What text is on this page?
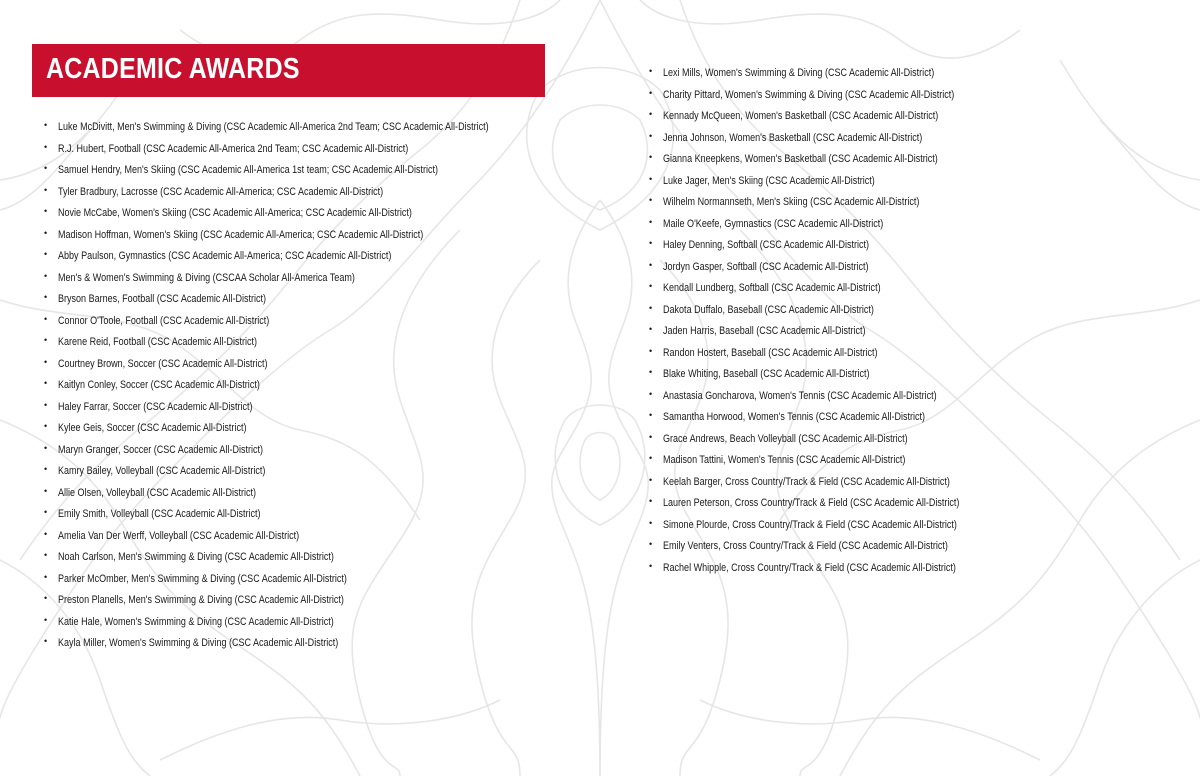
ACADEMIC AWARDS
• Luke McDivitt, Men's Swimming & Diving (CSC Academic All-America 2nd Team; CSC Academic All-District)
• R.J. Hubert, Football (CSC Academic All-America 2nd Team; CSC Academic All-District)
• Samuel Hendry, Men's Skiing (CSC Academic All-America 1st team; CSC Academic All-District)
• Tyler Bradbury, Lacrosse (CSC Academic All-America; CSC Academic All-District)
• Novie McCabe, Women's Skiing (CSC Academic All-America; CSC Academic All-District)
• Madison Hoffman, Women's Skiing (CSC Academic All-America; CSC Academic All-District)
• Abby Paulson, Gymnastics (CSC Academic All-America; CSC Academic All-District)
• Men's & Women's Swimming & Diving (CSCAA Scholar All-America Team)
• Bryson Barnes, Football (CSC Academic All-District)
• Connor O'Toole, Football (CSC Academic All-District)
• Karene Reid, Football (CSC Academic All-District)
• Courtney Brown, Soccer (CSC Academic All-District)
• Kaitlyn Conley, Soccer (CSC Academic All-District)
• Haley Farrar, Soccer (CSC Academic All-District)
• Kylee Geis, Soccer (CSC Academic All-District)
• Maryn Granger, Soccer (CSC Academic All-District)
• Kamry Bailey, Volleyball (CSC Academic All-District)
• Allie Olsen, Volleyball (CSC Academic All-District)
• Emily Smith, Volleyball (CSC Academic All-District)
• Amelia Van Der Werff, Volleyball (CSC Academic All-District)
• Noah Carlson, Men's Swimming & Diving (CSC Academic All-District)
• Parker McOmber, Men's Swimming & Diving (CSC Academic All-District)
• Preston Planells, Men's Swimming & Diving (CSC Academic All-District)
• Katie Hale, Women's Swimming & Diving (CSC Academic All-District)
• Kayla Miller, Women's Swimming & Diving (CSC Academic All-District)
• Lexi Mills, Women's Swimming & Diving (CSC Academic All-District)
• Charity Pittard, Women's Swimming & Diving (CSC Academic All-District)
• Kennady McQueen, Women's Basketball (CSC Academic All-District)
• Jenna Johnson, Women's Basketball (CSC Academic All-District)
• Gianna Kneepkens, Women's Basketball (CSC Academic All-District)
• Luke Jager, Men's Skiing (CSC Academic All-District)
• Wilhelm Normannseth, Men's Skiing (CSC Academic All-District)
• Maile O'Keefe, Gymnastics (CSC Academic All-District)
• Haley Denning, Softball (CSC Academic All-District)
• Jordyn Gasper, Softball (CSC Academic All-District)
• Kendall Lundberg, Softball (CSC Academic All-District)
• Dakota Duffalo, Baseball (CSC Academic All-District)
• Jaden Harris, Baseball (CSC Academic All-District)
• Randon Hostert, Baseball (CSC Academic All-District)
• Blake Whiting, Baseball (CSC Academic All-District)
• Anastasia Goncharova, Women's Tennis (CSC Academic All-District)
• Samantha Horwood, Women's Tennis (CSC Academic All-District)
• Grace Andrews, Beach Volleyball (CSC Academic All-District)
• Madison Tattini, Women's Tennis (CSC Academic All-District)
• Keelah Barger, Cross Country/Track & Field (CSC Academic All-District)
• Lauren Peterson, Cross Country/Track & Field (CSC Academic All-District)
• Simone Plourde, Cross Country/Track & Field (CSC Academic All-District)
• Emily Venters, Cross Country/Track & Field (CSC Academic All-District)
• Rachel Whipple, Cross Country/Track & Field (CSC Academic All-District)
